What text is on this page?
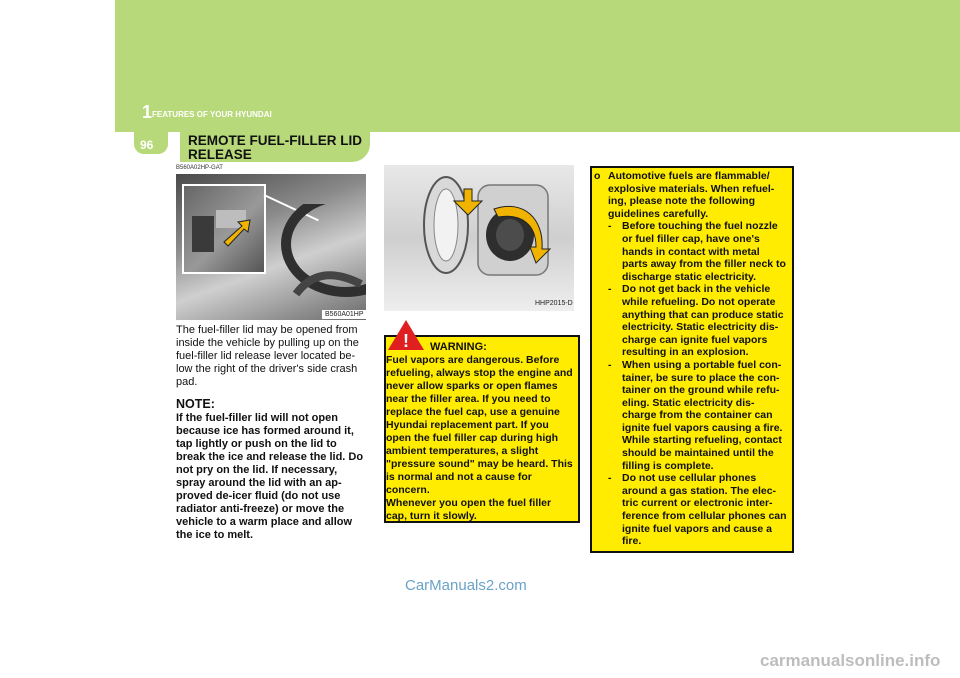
1 FEATURES OF YOUR HYUNDAI
96	REMOTE FUEL-FILLER LID RELEASE
B560A02HP-GAT
B560A01HP
HHP2015-D
The fuel-filler lid may be opened from inside the vehicle by pulling up on the fuel-filler lid release lever located be-low the right of the driver's side crash pad.
NOTE:
If the fuel-filler lid will not open because ice has formed around it, tap lightly or push on the lid to break the ice and release the lid. Do not pry on the lid. If necessary, spray around the lid with an ap-proved de-icer fluid (do not use radiator anti-freeze) or move the vehicle to a warm place and allow the ice to melt.
! WARNING:
Fuel vapors are dangerous. Before refueling, always stop the engine and never allow sparks or open flames near the filler area. If you need to replace the fuel cap, use a genuine Hyundai replacement part. If you open the fuel filler cap during high ambient temperatures, a slight "pressure sound" may be heard. This is normal and not a cause for concern.
Whenever you open the fuel filler cap, turn it slowly.
o Automotive fuels are flammable/ explosive materials. When refuel-ing, please note the following guidelines carefully.
-	Before touching the fuel nozzle or fuel filler cap, have one's hands in contact with metal parts away from the filler neck to discharge static electricity.
-	Do not get back in the vehicle while refueling. Do not operate anything that can produce static electricity. Static electricity dis-charge can ignite fuel vapors resulting in an explosion.
-	When using a portable fuel con-tainer, be sure to place the con-tainer on the ground while refu-eling. Static electricity dis-charge from the container can ignite fuel vapors causing a fire. While starting refueling, contact should be maintained until the filling is complete.
-	Do not use cellular phones around a gas station. The elec-tric current or electronic inter-ference from cellular phones can ignite fuel vapors and cause a fire.
CarManuals2.com
carmanualsonline.info
